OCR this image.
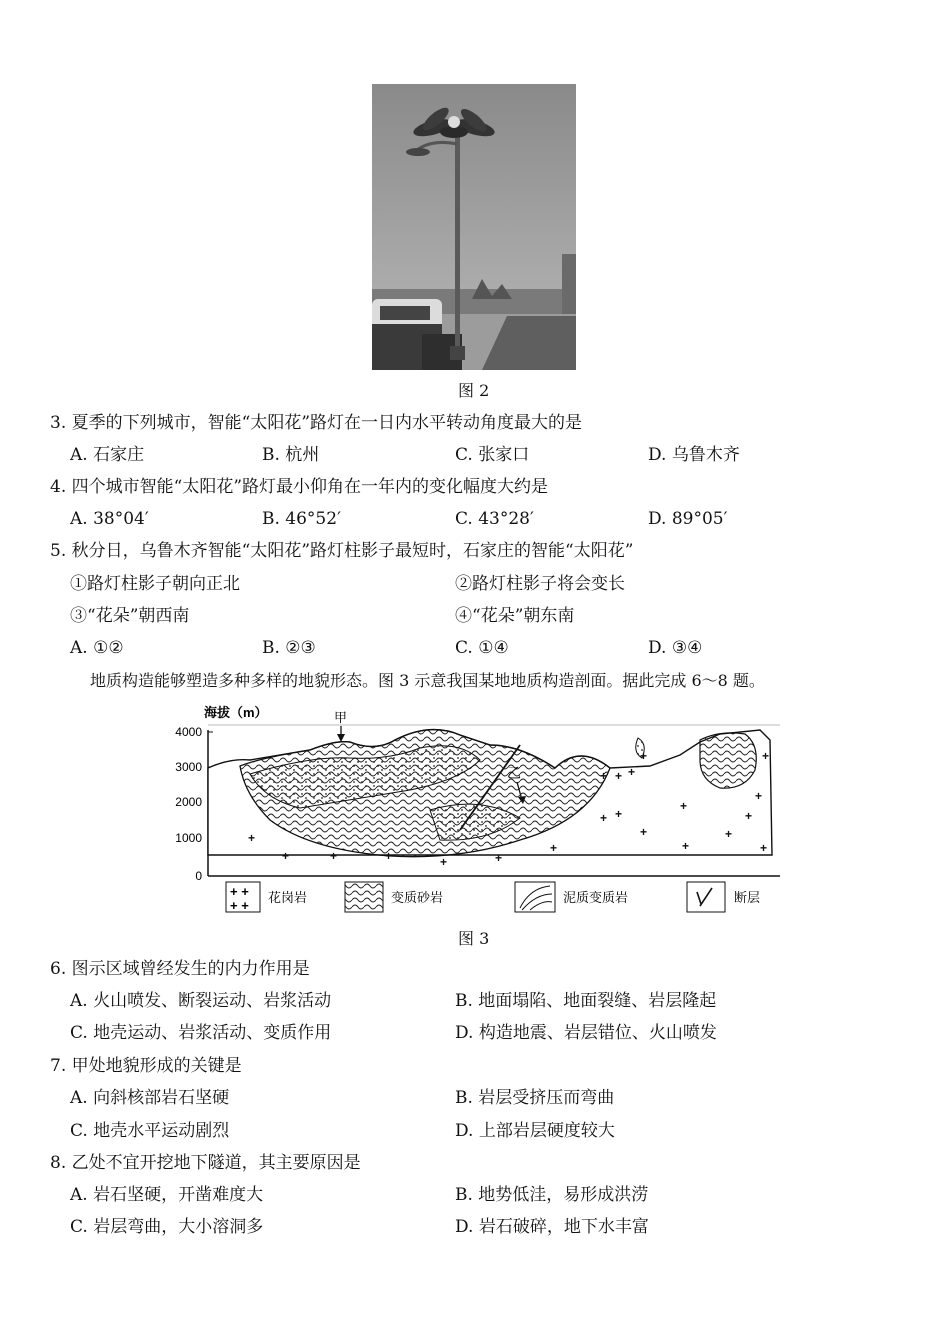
图 2
3. 夏季的下列城市，智能“太阳花”路灯在一日内水平转动角度最大的是
A. 石家庄	B. 杭州	C. 张家口	D. 乌鲁木齐
4. 四个城市智能“太阳花”路灯最小仰角在一年内的变化幅度大约是
A. 38°04′	B. 46°52′	C. 43°28′	D. 89°05′
5. 秋分日，乌鲁木齐智能“太阳花”路灯柱影子最短时，石家庄的智能“太阳花”
①路灯柱影子朝向正北	②路灯柱影子将会变长
③“花朵”朝西南	④“花朵”朝东南
A. ①②	B. ②③	C. ①④	D. ③④
地质构造能够塑造多种多样的地貌形态。图 3 示意我国某地地质构造剖面。据此完成 6～8 题。
海拔（m）
4000
3000
2000
1000
0
+
+	+	+	+	+
+
+ + +
+
+ +
+
+
+
+
+
+
+
+
甲
乙
+ +
+ +
花岗岩	变质砂岩	泥质变质岩	断层
图 3
6. 图示区域曾经发生的内力作用是
A. 火山喷发、断裂运动、岩浆活动	B. 地面塌陷、地面裂缝、岩层隆起
C. 地壳运动、岩浆活动、变质作用	D. 构造地震、岩层错位、火山喷发
7. 甲处地貌形成的关键是
A. 向斜核部岩石坚硬	B. 岩层受挤压而弯曲
C. 地壳水平运动剧烈	D. 上部岩层硬度较大
8. 乙处不宜开挖地下隧道，其主要原因是
A. 岩石坚硬，开凿难度大	B. 地势低洼，易形成洪涝
C. 岩层弯曲，大小溶洞多	D. 岩石破碎，地下水丰富
